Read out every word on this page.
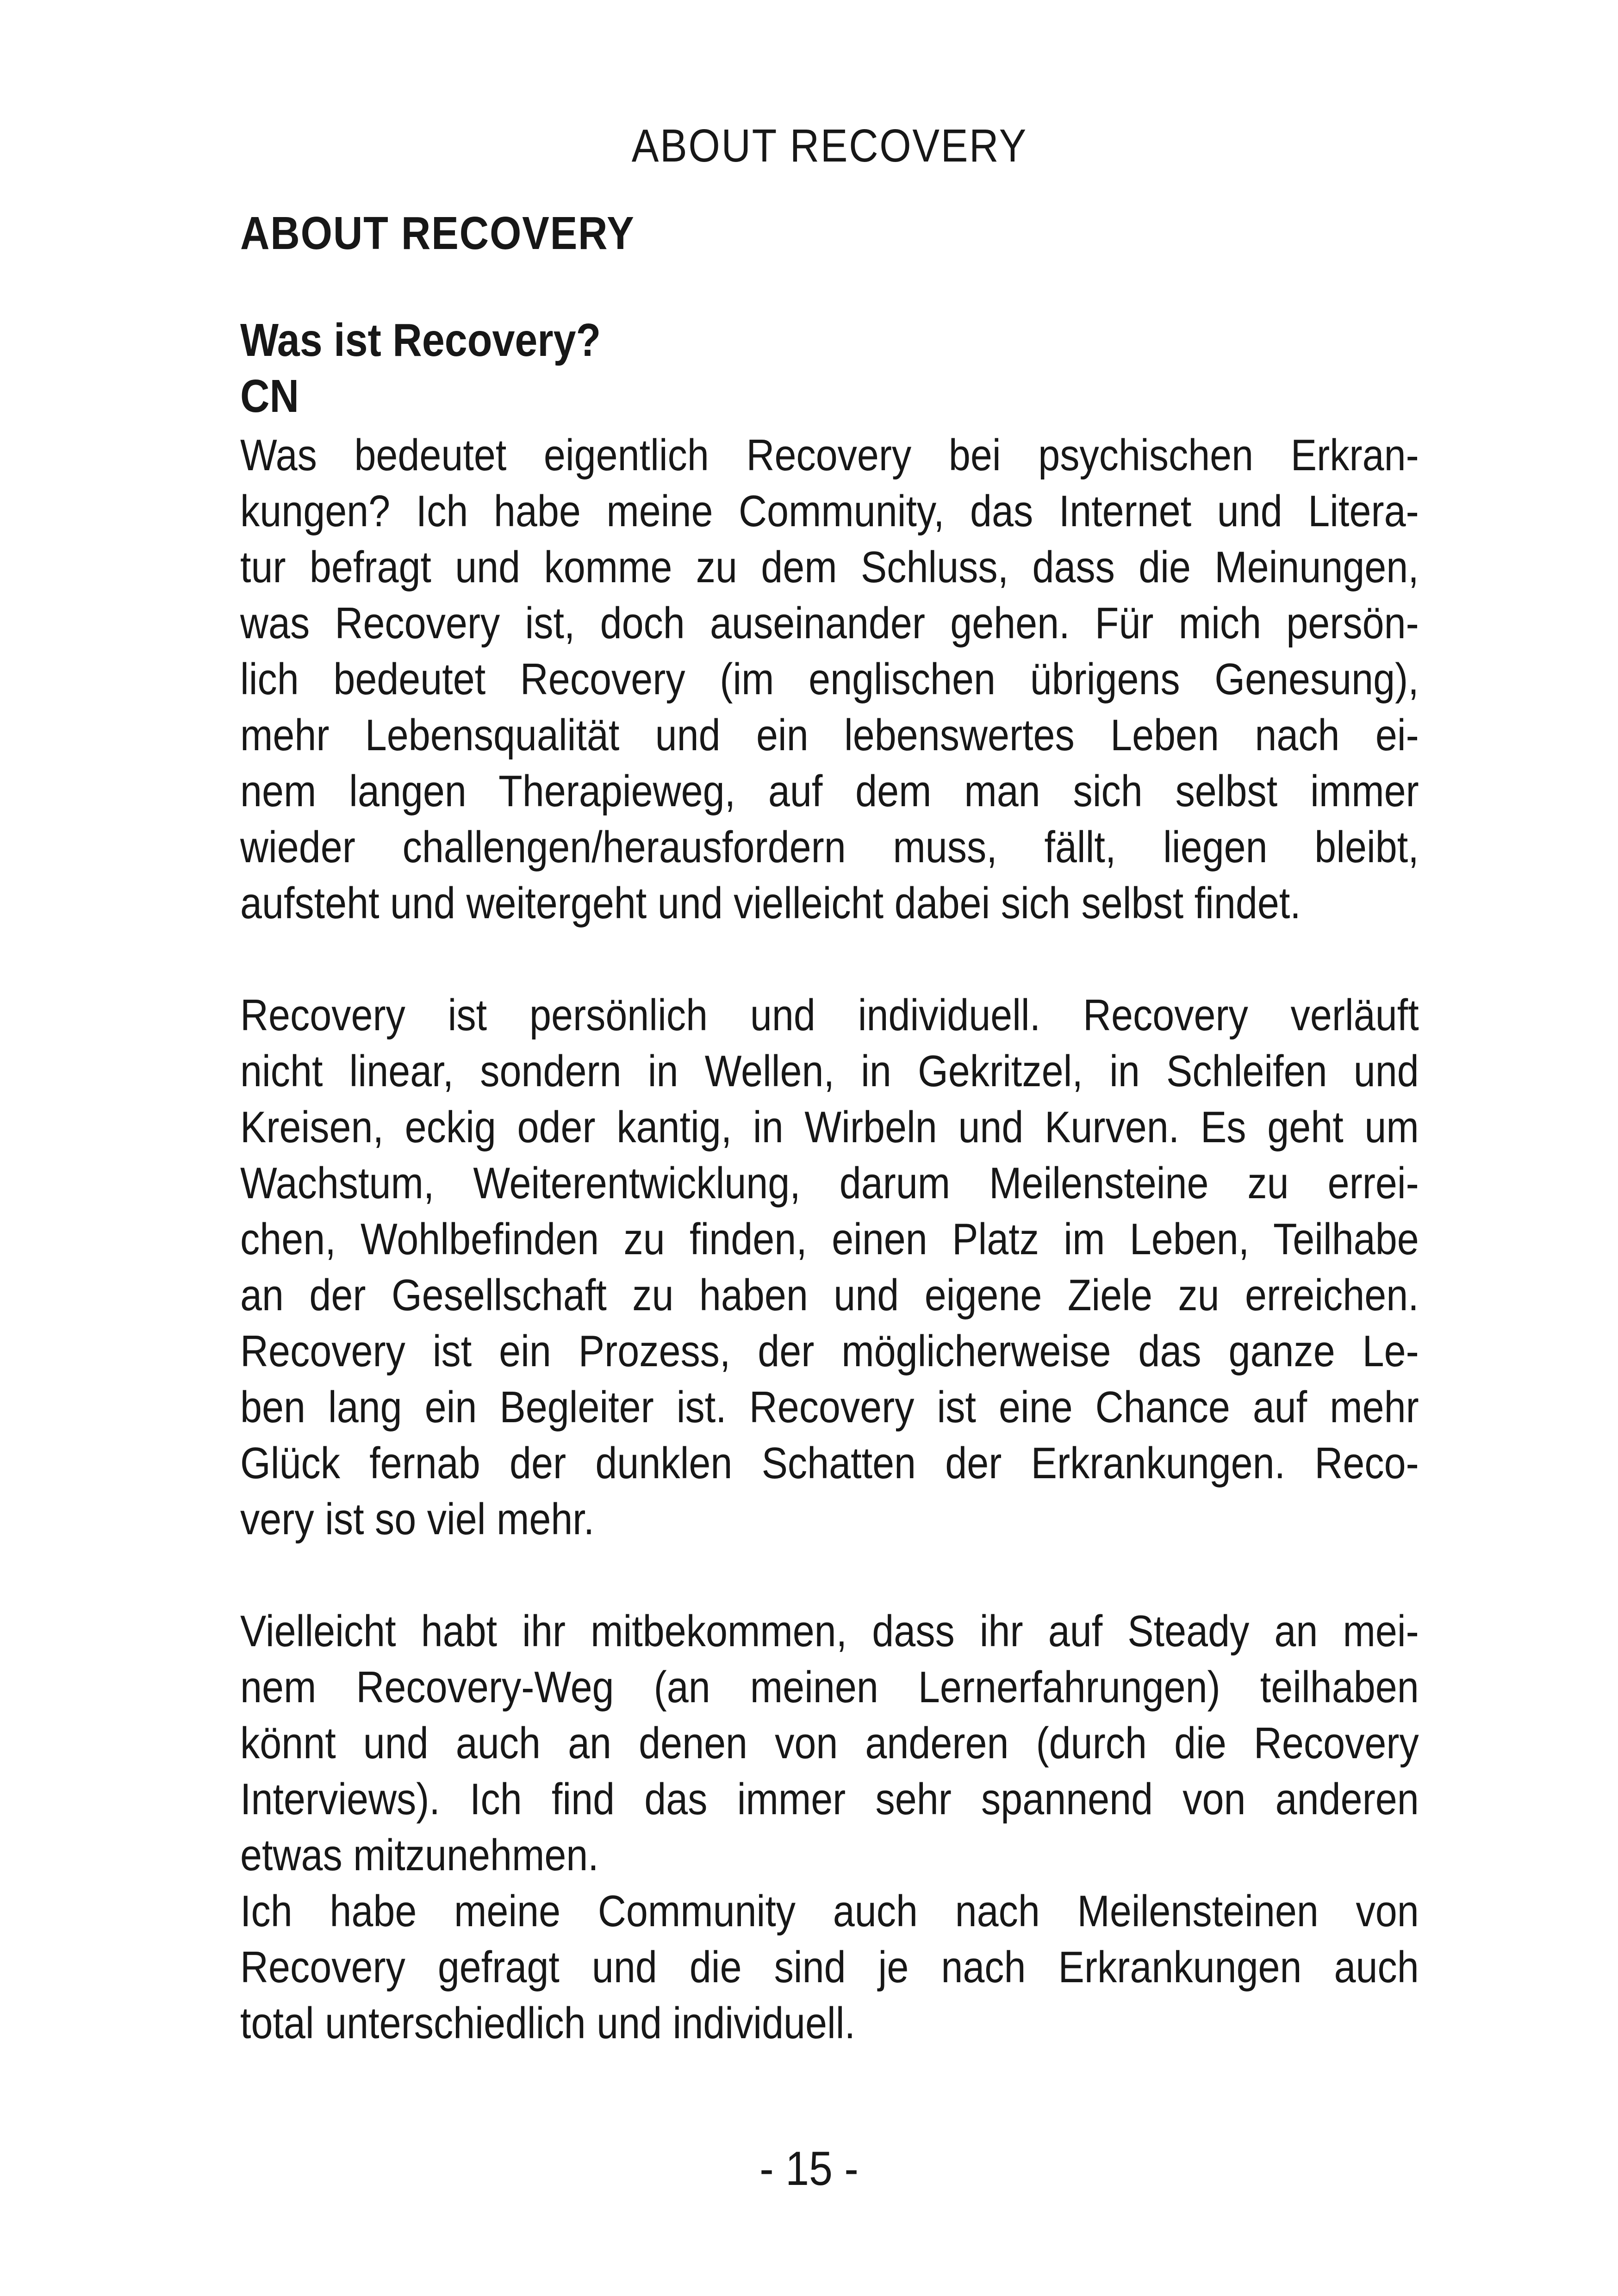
ABOUT RECOVERY
ABOUT RECOVERY
Was ist Recovery?
CN
Was bedeutet eigentlich Recovery bei psychischen Erkran-
kungen? Ich habe meine Community, das Internet und Litera-
tur befragt und komme zu dem Schluss, dass die Meinungen,
was Recovery ist, doch auseinander gehen. Für mich persön-
lich bedeutet Recovery (im englischen übrigens Genesung),
mehr Lebensqualität und ein lebenswertes Leben nach ei-
nem langen Therapieweg, auf dem man sich selbst immer
wieder challengen/herausfordern muss, fällt, liegen bleibt,
aufsteht und weitergeht und vielleicht dabei sich selbst findet.
Recovery ist persönlich und individuell. Recovery verläuft
nicht linear, sondern in Wellen, in Gekritzel, in Schleifen und
Kreisen, eckig oder kantig, in Wirbeln und Kurven. Es geht um
Wachstum, Weiterentwicklung, darum Meilensteine zu errei-
chen, Wohlbefinden zu finden, einen Platz im Leben, Teilhabe
an der Gesellschaft zu haben und eigene Ziele zu erreichen.
Recovery ist ein Prozess, der möglicherweise das ganze Le-
ben lang ein Begleiter ist. Recovery ist eine Chance auf mehr
Glück fernab der dunklen Schatten der Erkrankungen. Reco-
very ist so viel mehr.
Vielleicht habt ihr mitbekommen, dass ihr auf Steady an mei-
nem Recovery-Weg (an meinen Lernerfahrungen) teilhaben
könnt und auch an denen von anderen (durch die Recovery
Interviews). Ich find das immer sehr spannend von anderen
etwas mitzunehmen.
Ich habe meine Community auch nach Meilensteinen von
Recovery gefragt und die sind je nach Erkrankungen auch
total unterschiedlich und individuell.
- 15 -
